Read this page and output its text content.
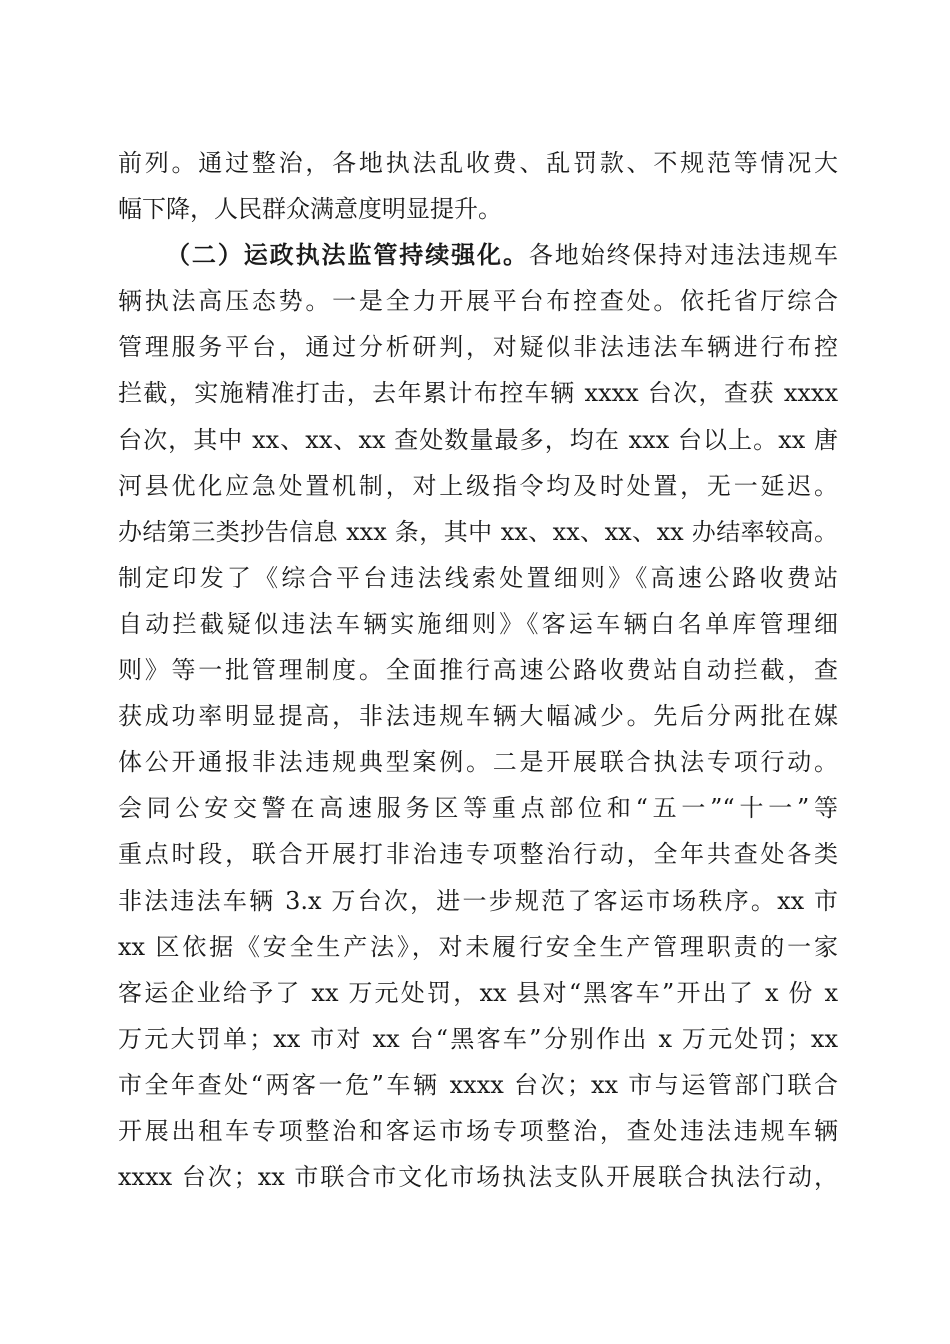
前列。通过整治，各地执法乱收费、乱罚款、不规范等情况大
幅下降，人民群众满意度明显提升。
（二）运政执法监管持续强化。各地始终保持对违法违规车
辆执法高压态势。一是全力开展平台布控查处。依托省厅综合
管理服务平台，通过分析研判，对疑似非法违法车辆进行布控
拦截，实施精准打击，去年累计布控车辆 xxxx 台次，查获 xxxx
台次，其中 xx、xx、xx 查处数量最多，均在 xxx 台以上。xx 唐
河县优化应急处置机制，对上级指令均及时处置，无一延迟。
办结第三类抄告信息 xxx 条，其中 xx、xx、xx、xx 办结率较高。
制定印发了《综合平台违法线索处置细则》《高速公路收费站
自动拦截疑似违法车辆实施细则》《客运车辆白名单库管理细
则》等一批管理制度。全面推行高速公路收费站自动拦截，查
获成功率明显提高，非法违规车辆大幅减少。先后分两批在媒
体公开通报非法违规典型案例。二是开展联合执法专项行动。
会同公安交警在高速服务区等重点部位和“五一”“十一”等
重点时段，联合开展打非治违专项整治行动，全年共查处各类
非法违法车辆 3.x 万台次，进一步规范了客运市场秩序。xx 市
xx 区依据《安全生产法》，对未履行安全生产管理职责的一家
客运企业给予了 xx 万元处罚，xx 县对“黑客车”开出了 x 份 x
万元大罚单；xx 市对 xx 台“黑客车”分别作出 x 万元处罚；xx
市全年查处“两客一危”车辆 xxxx 台次；xx 市与运管部门联合
开展出租车专项整治和客运市场专项整治，查处违法违规车辆
xxxx 台次；xx 市联合市文化市场执法支队开展联合执法行动，
